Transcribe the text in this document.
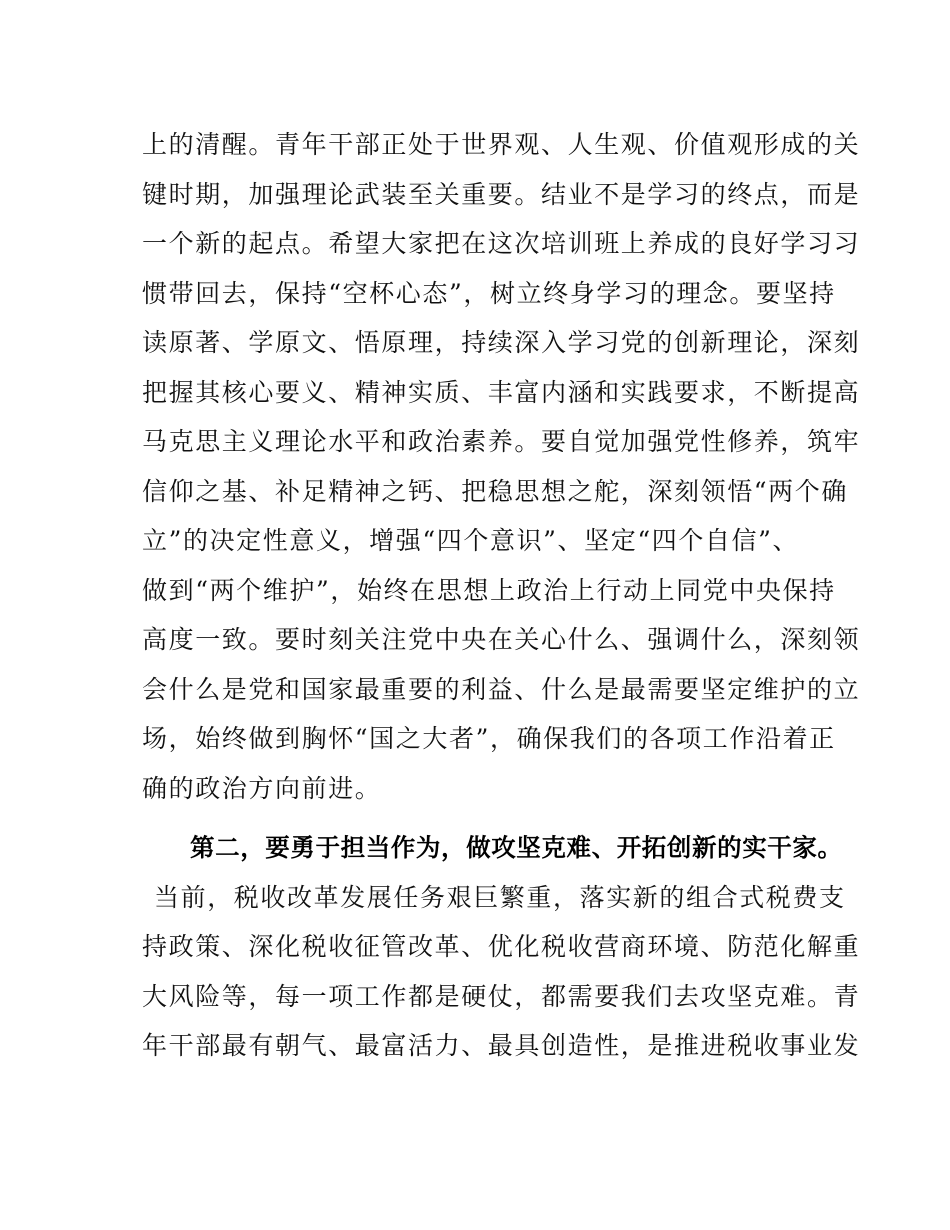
上的清醒。青年干部正处于世界观、人生观、价值观形成的关
键时期，加强理论武装至关重要。结业不是学习的终点，而是
一个新的起点。希望大家把在这次培训班上养成的良好学习习
惯带回去，保持“空杯心态”，树立终身学习的理念。要坚持
读原著、学原文、悟原理，持续深入学习党的创新理论，深刻
把握其核心要义、精神实质、丰富内涵和实践要求，不断提高
马克思主义理论水平和政治素养。要自觉加强党性修养，筑牢
信仰之基、补足精神之钙、把稳思想之舵，深刻领悟“两个确
立”的决定性意义，增强“四个意识”、坚定“四个自信”、
做到“两个维护”，始终在思想上政治上行动上同党中央保持
高度一致。要时刻关注党中央在关心什么、强调什么，深刻领
会什么是党和国家最重要的利益、什么是最需要坚定维护的立
场，始终做到胸怀“国之大者”，确保我们的各项工作沿着正
确的政治方向前进。
第二，要勇于担当作为，做攻坚克难、开拓创新的实干家。
当前，税收改革发展任务艰巨繁重，落实新的组合式税费支
持政策、深化税收征管改革、优化税收营商环境、防范化解重
大风险等，每一项工作都是硬仗，都需要我们去攻坚克难。青
年干部最有朝气、最富活力、最具创造性，是推进税收事业发
